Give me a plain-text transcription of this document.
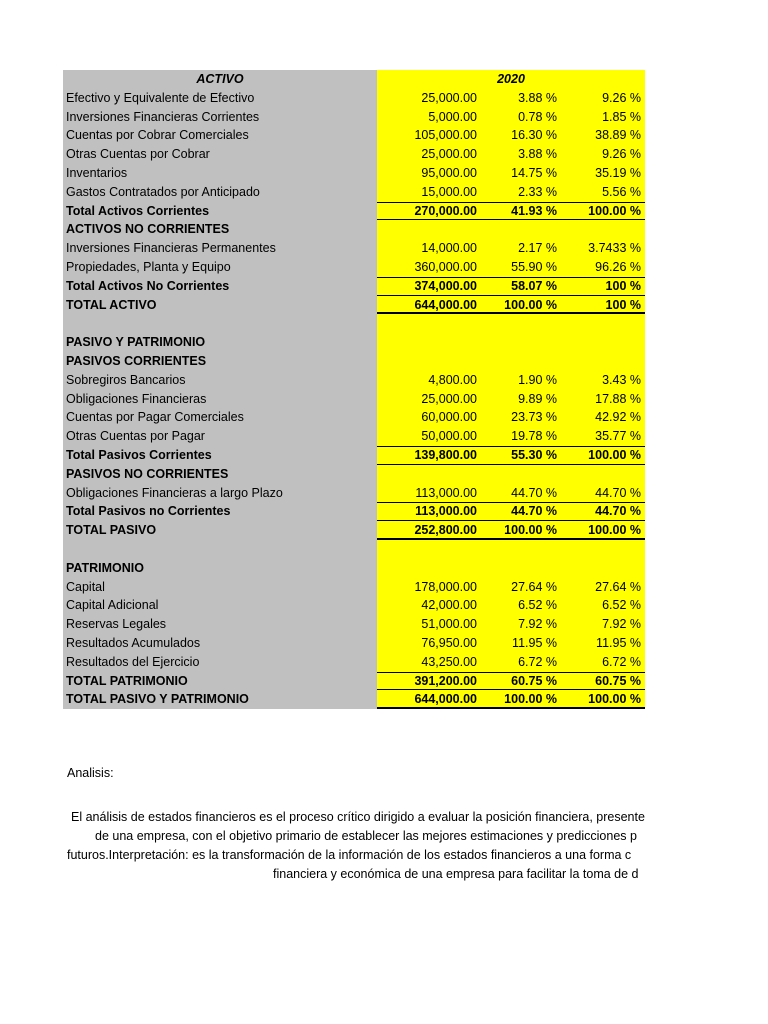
ACTIVO	2020
Efectivo y Equivalente de Efectivo	25,000.00	3.88 %	9.26 %
Inversiones Financieras Corrientes	5,000.00	0.78 %	1.85 %
Cuentas por Cobrar Comerciales	105,000.00	16.30 %	38.89 %
Otras Cuentas por Cobrar	25,000.00	3.88 %	9.26 %
Inventarios	95,000.00	14.75 %	35.19 %
Gastos Contratados por Anticipado	15,000.00	2.33 %	5.56 %
Total Activos Corrientes	270,000.00	41.93 %	100.00 %
ACTIVOS NO CORRIENTES
Inversiones Financieras Permanentes	14,000.00	2.17 %	3.7433 %
Propiedades, Planta y Equipo	360,000.00	55.90 %	96.26 %
Total Activos No Corrientes	374,000.00	58.07 %	100 %
TOTAL ACTIVO	644,000.00	100.00 %	100 %
PASIVO Y PATRIMONIO
PASIVOS CORRIENTES
Sobregiros Bancarios	4,800.00	1.90 %	3.43 %
Obligaciones Financieras	25,000.00	9.89 %	17.88 %
Cuentas por Pagar Comerciales	60,000.00	23.73 %	42.92 %
Otras Cuentas por Pagar	50,000.00	19.78 %	35.77 %
Total Pasivos Corrientes	139,800.00	55.30 %	100.00 %
PASIVOS NO CORRIENTES
Obligaciones Financieras a largo Plazo	113,000.00	44.70 %	44.70 %
Total Pasivos no Corrientes	113,000.00	44.70 %	44.70 %
TOTAL PASIVO	252,800.00	100.00 %	100.00 %
PATRIMONIO
Capital	178,000.00	27.64 %	27.64 %
Capital Adicional	42,000.00	6.52 %	6.52 %
Reservas Legales	51,000.00	7.92 %	7.92 %
Resultados Acumulados	76,950.00	11.95 %	11.95 %
Resultados del Ejercicio	43,250.00	6.72 %	6.72 %
TOTAL PATRIMONIO	391,200.00	60.75 %	60.75 %
TOTAL PASIVO Y PATRIMONIO	644,000.00	100.00 %	100.00 %
Analisis:
El análisis de estados financieros es el proceso crítico dirigido a evaluar la posición financiera, presente
de una empresa, con el objetivo primario de establecer las mejores estimaciones y predicciones p
futuros.Interpretación: es la transformación de la información de los estados financieros a una forma c
financiera y económica de una empresa para facilitar la toma de d
